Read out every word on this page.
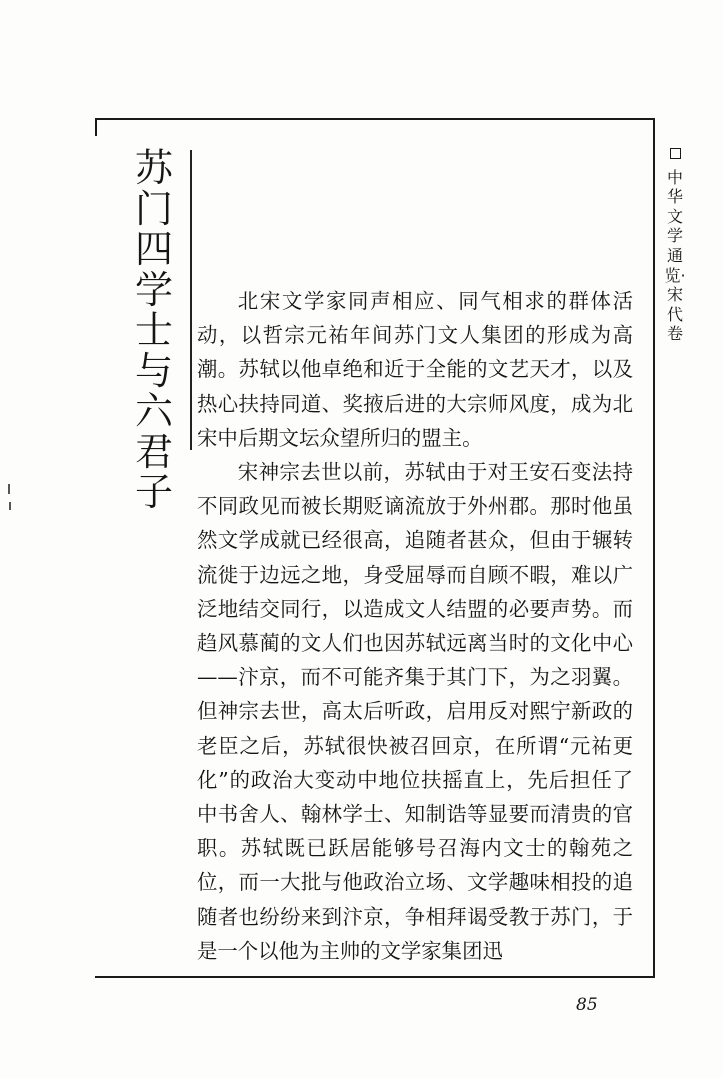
苏门四学士与六君子

北宋文学家同声相应、同气相求的群体活动，以哲宗元祐年间苏门文人集团的形成为高潮。苏轼以他卓绝和近于全能的文艺天才，以及热心扶持同道、奖掖后进的大宗师风度，成为北宋中后期文坛众望所归的盟主。

宋神宗去世以前，苏轼由于对王安石变法持不同政见而被长期贬谪流放于外州郡。那时他虽然文学成就已经很高，追随者甚众，但由于辗转流徙于边远之地，身受屈辱而自顾不暇，难以广泛地结交同行，以造成文人结盟的必要声势。而趋风慕蔺的文人们也因苏轼远离当时的文化中心——汴京，而不可能齐集于其门下，为之羽翼。但神宗去世，高太后听政，启用反对熙宁新政的老臣之后，苏轼很快被召回京，在所谓“元祐更化”的政治大变动中地位扶摇直上，先后担任了中书舍人、翰林学士、知制诰等显要而清贵的官职。苏轼既已跃居能够号召海内文士的翰苑之位，而一大批与他政治立场、文学趣味相投的追随者也纷纷来到汴京，争相拜谒受教于苏门，于是一个以他为主帅的文学家集团迅

中华文学通览·宋代卷
85
